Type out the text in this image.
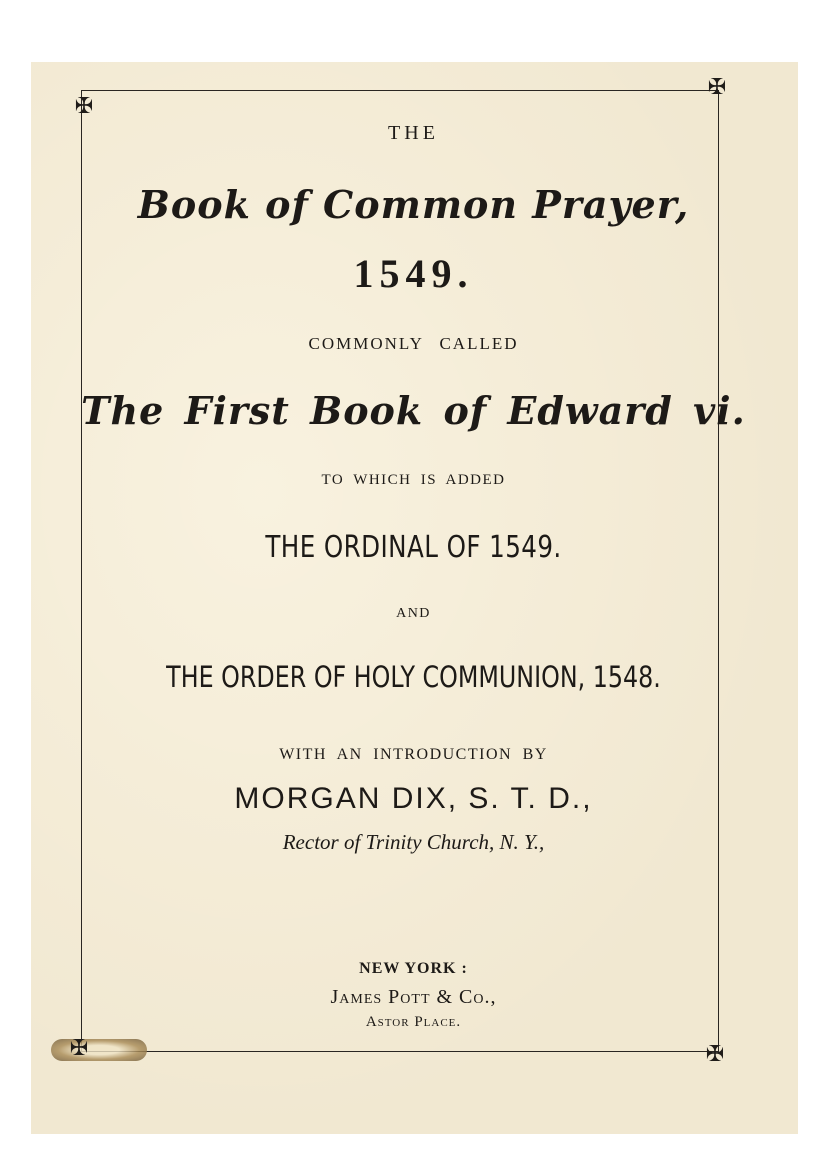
✠
✠
✠	✠
THE
Book of Common Prayer,
1549.
COMMONLY CALLED
The First Book of Edward vi.
TO WHICH IS ADDED
THE ORDINAL OF 1549.
AND
THE ORDER OF HOLY COMMUNION, 1548.
WITH AN INTRODUCTION BY
MORGAN DIX, S. T. D.,
Rector of Trinity Church, N. Y.,
NEW YORK :
James Pott & Co.,
Astor Place.
